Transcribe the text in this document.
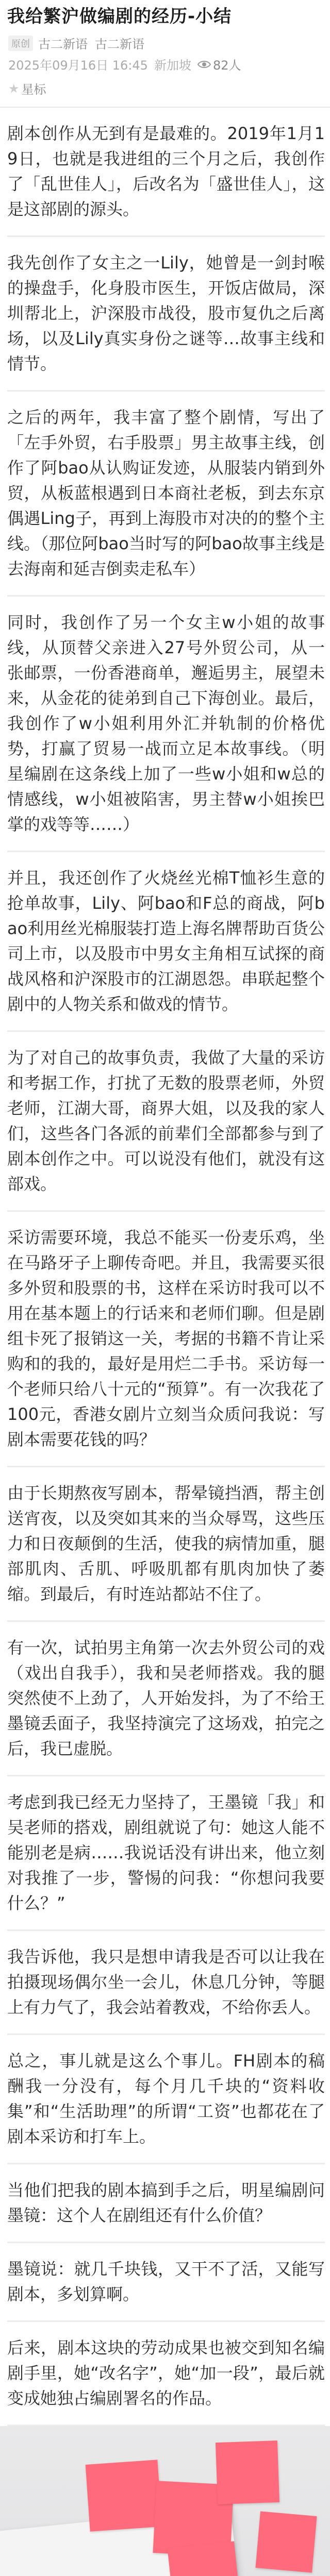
我给繁沪做编剧的经历-小结
原创 古二新语 古二新语
2025年09月16日 16:45 新加坡 82人
★ 星标

剧本创作从无到有是最难的。2019年1月19日，也就是我进组的三个月之后，我创作了「乱世佳人」，后改名为「盛世佳人」，这是这部剧的源头。

我先创作了女主之一Lily，她曾是一剑封喉的操盘手，化身股市医生，开饭店做局，深圳帮北上，沪深股市战役，股市复仇之后离场，以及Lily真实身份之谜等…故事主线和情节。

之后的两年，我丰富了整个剧情，写出了「左手外贸，右手股票」男主故事主线，创作了阿bao从认购证发迹，从服装内销到外贸，从板蓝根遇到日本商社老板，到去东京偶遇Ling子，再到上海股市对决的的整个主线。（那位阿bao当时写的阿bao故事主线是去海南和延吉倒卖走私车）

同时，我创作了另一个女主w小姐的故事线，从顶替父亲进入27号外贸公司，从一张邮票，一份香港商单，邂逅男主，展望未来，从金花的徒弟到自己下海创业。最后，我创作了w小姐利用外汇并轨制的价格优势，打赢了贸易一战而立足本故事线。（明星编剧在这条线上加了一些w小姐和w总的情感线，w小姐被陷害，男主替w小姐挨巴掌的戏等等……）

并且，我还创作了火烧丝光棉T恤衫生意的抢单故事，Lily、阿bao和F总的商战，阿bao利用丝光棉服装打造上海名牌帮助百货公司上市，以及股市中男女主角相互试探的商战风格和沪深股市的江湖恩怨。串联起整个剧中的人物关系和做戏的情节。

为了对自己的故事负责，我做了大量的采访和考据工作，打扰了无数的股票老师，外贸老师，江湖大哥，商界大姐，以及我的家人们，这些各门各派的前辈们全部都参与到了剧本创作之中。可以说没有他们，就没有这部戏。

采访需要环境，我总不能买一份麦乐鸡，坐在马路牙子上聊传奇吧。并且，我需要买很多外贸和股票的书，这样在采访时我可以不用在基本题上的行话来和老师们聊。但是剧组卡死了报销这一关，考据的书籍不肯让采购和的我的，最好是用烂二手书。采访每一个老师只给八十元的“预算”。有一次我花了100元，香港女剧片立刻当众质问我说：写剧本需要花钱的吗？

由于长期熬夜写剧本，帮晕镜挡酒，帮主创送宵夜，以及突如其来的当众辱骂，这些压力和日夜颠倒的生活，使我的病情加重，腿部肌肉、舌肌、呼吸肌都有肌肉加快了萎缩。到最后，有时连站都站不住了。

有一次，试拍男主角第一次去外贸公司的戏（戏出自我手），我和吴老师搭戏。我的腿突然使不上劲了，人开始发抖，为了不给王墨镜丢面子，我坚持演完了这场戏，拍完之后，我已虚脱。

考虑到我已经无力坚持了，王墨镜「我」和吴老师的搭戏，剧组就说了句：她这人能不能别老是病……我说话没有讲出来，他立刻对我推了一步，警惕的问我：“你想问我要什么？”

我告诉他，我只是想申请我是否可以让我在拍摄现场偶尔坐一会儿，休息几分钟，等腿上有力气了，我会站着教戏，不给你丢人。

总之，事儿就是这么个事儿。FH剧本的稿酬我一分没有，每个月几千块的“资料收集”和“生活助理”的所谓“工资”也都花在了剧本采访和打车上。

当他们把我的剧本搞到手之后，明星编剧问墨镜：这个人在剧组还有什么价值？

墨镜说：就几千块钱，又干不了活，又能写剧本，多划算啊。

后来，剧本这块的劳动成果也被交到知名编剧手里，她“改名字”，她“加一段”，最后就变成她独占编剧署名的作品。
